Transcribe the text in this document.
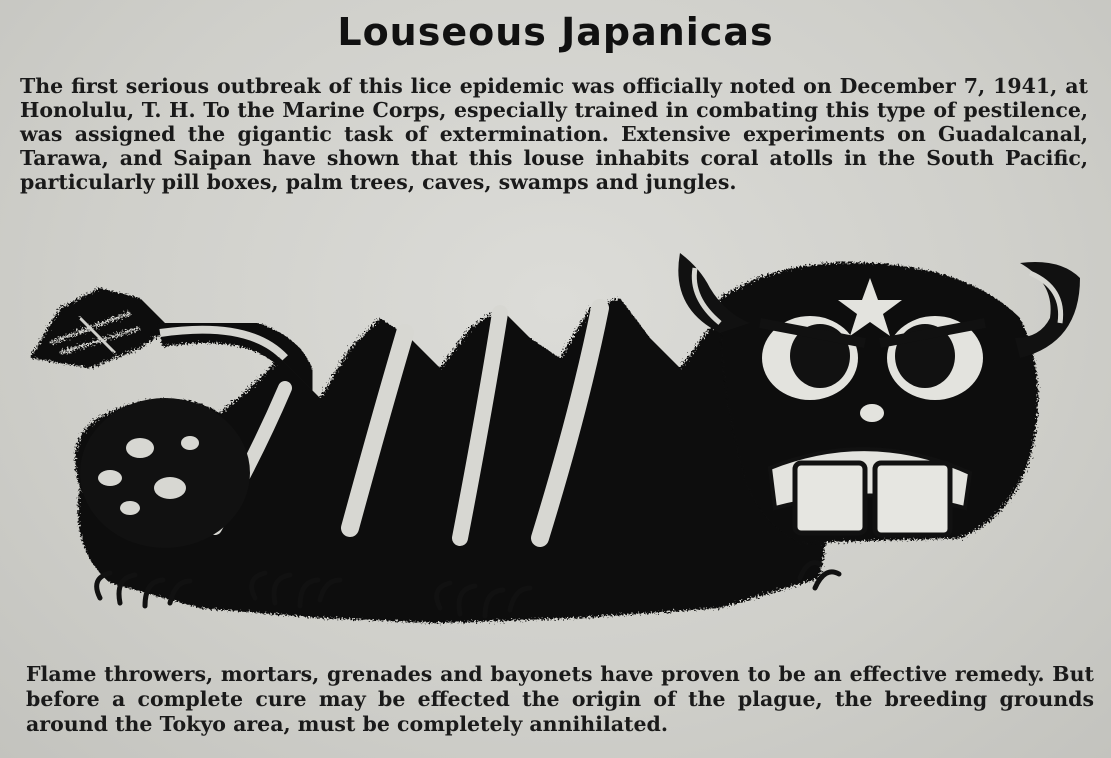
Louseous Japanicas
The first serious outbreak of this lice epidemic was officially noted on December 7, 1941, at Honolulu, T. H. To the Marine Corps, especially trained in combating this type of pestilence, was assigned the gigantic task of extermination. Extensive experiments on Guadalcanal, Tarawa, and Saipan have shown that this louse inhabits coral atolls in the South Pacific, particularly pill boxes, palm trees, caves, swamps and jungles.
Flame throwers, mortars, grenades and bayonets have proven to be an effective remedy. But before a complete cure may be effected the origin of the plague, the breeding grounds around the Tokyo area, must be completely annihilated.
